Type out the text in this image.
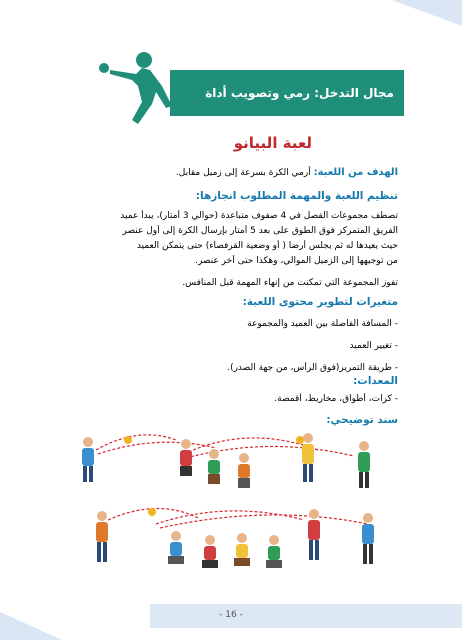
مجال التدخل: رمي وتصويب أداة
لعبة البيانو
الهدف من اللعبة: أرمي الكرة بسرعة إلى زميل مقابل.
تنظيم اللعبة والمهمة المطلوب انجازها:
تصطف مجموعات الفصل في 4 صفوف متباعدة (حوالي 3 أمتار)، يبدأ عميد
الفريق المتمركز فوق الطوق على بعد 5 أمتار بإرسال الكرة إلى أول عنصر
حيث يعيدها له ثم يجلس أرضا ( أو وضعية القرفصاء) حتى يتمكن العميد
من توجيهها إلى الزميل الموالي، وهكذا حتى آخر عنصر.
تفوز المجموعة التي تمكنت من إنهاء المهمة قبل المنافس.
متغيرات لتطوير محتوى اللعبة:
- المسافة الفاصلة بين العميد والمجموعة
- تغيير العميد
- طريقة التمرير(فوق الرأس، من جهة الصدر).
المعدات:
- كرات، أطواق، مخاريط، أقمصة.
سند توضيحي:
- 16 -
